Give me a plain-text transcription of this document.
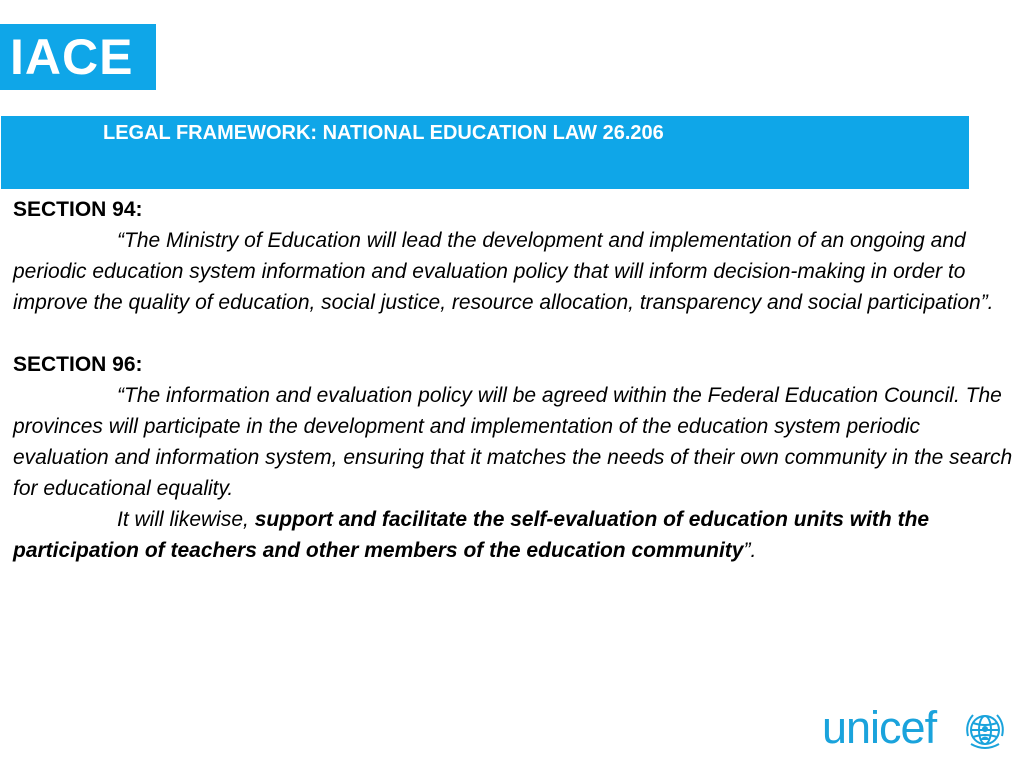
IACE
LEGAL FRAMEWORK: NATIONAL EDUCATION LAW 26.206

SECTION 94:

“The Ministry of Education will lead the development and implementation of an ongoing and periodic education system information and evaluation policy that will inform decision-making in order to improve the quality of education, social justice, resource allocation, transparency and social participation”.

SECTION 96:

“The information and evaluation policy will be agreed within the Federal Education Council. The provinces will participate in the development and implementation of the education system periodic evaluation and information system, ensuring that it matches the needs of their own community in the search for educational equality.

It will likewise, support and facilitate the self-evaluation of education units with the participation of teachers and other members of the education community”.

unicef
